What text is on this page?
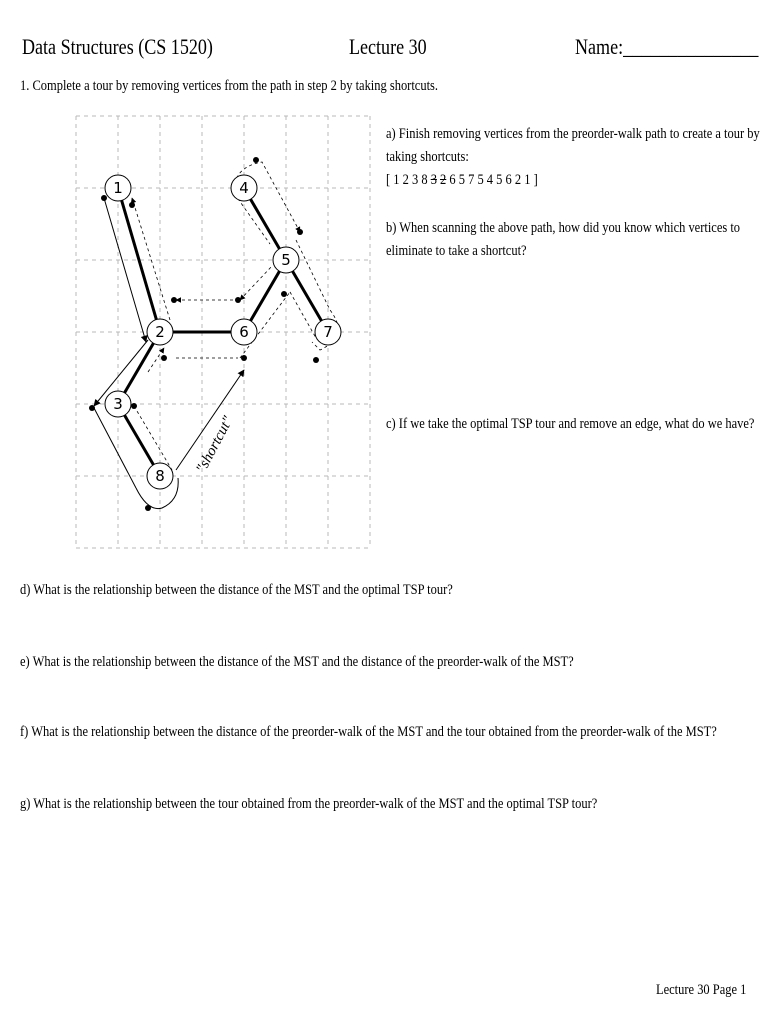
Data Structures (CS 1520)	Lecture 30	Name:_______________
1. Complete a tour by removing vertices from the path in step 2 by taking shortcuts.
1
2
3
4
5
6	7
8
"shortcut"
a) Finish removing vertices from the preorder-walk path to create a tour by
taking shortcuts:
[ 1 2 3 8 3 2 6 5 7 5 4 5 6 2 1 ]
b) When scanning the above path, how did you know which vertices to
eliminate to take a shortcut?
c) If we take the optimal TSP tour and remove an edge, what do we have?
d) What is the relationship between the distance of the MST and the optimal TSP tour?
e) What is the relationship between the distance of the MST and the distance of the preorder-walk of the MST?
f) What is the relationship between the distance of the preorder-walk of the MST and the tour obtained from the preorder-walk of the MST?
g) What is the relationship between the tour obtained from the preorder-walk of the MST and the optimal TSP tour?
Lecture 30 Page 1
